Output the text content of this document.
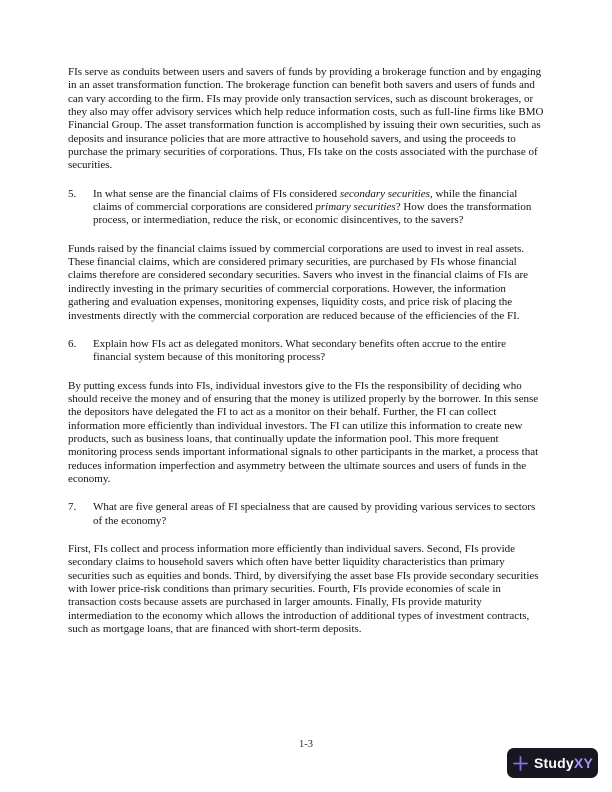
FIs serve as conduits between users and savers of funds by providing a brokerage function and by engaging in an asset transformation function. The brokerage function can benefit both savers and users of funds and can vary according to the firm. FIs may provide only transaction services, such as discount brokerages, or they also may offer advisory services which help reduce information costs, such as full-line firms like BMO Financial Group. The asset transformation function is accomplished by issuing their own securities, such as deposits and insurance policies that are more attractive to household savers, and using the proceeds to purchase the primary securities of corporations. Thus, FIs take on the costs associated with the purchase of securities.
5.	In what sense are the financial claims of FIs considered secondary securities, while the financial claims of commercial corporations are considered primary securities? How does the transformation process, or intermediation, reduce the risk, or economic disincentives, to the savers?
Funds raised by the financial claims issued by commercial corporations are used to invest in real assets. These financial claims, which are considered primary securities, are purchased by FIs whose financial claims therefore are considered secondary securities. Savers who invest in the financial claims of FIs are indirectly investing in the primary securities of commercial corporations. However, the information gathering and evaluation expenses, monitoring expenses, liquidity costs, and price risk of placing the investments directly with the commercial corporation are reduced because of the efficiencies of the FI.
6.	Explain how FIs act as delegated monitors. What secondary benefits often accrue to the entire financial system because of this monitoring process?
By putting excess funds into FIs, individual investors give to the FIs the responsibility of deciding who should receive the money and of ensuring that the money is utilized properly by the borrower. In this sense the depositors have delegated the FI to act as a monitor on their behalf. Further, the FI can collect information more efficiently than individual investors. The FI can utilize this information to create new products, such as business loans, that continually update the information pool. This more frequent monitoring process sends important informational signals to other participants in the market, a process that reduces information imperfection and asymmetry between the ultimate sources and users of funds in the economy.
7.	What are five general areas of FI specialness that are caused by providing various services to sectors of the economy?
First, FIs collect and process information more efficiently than individual savers. Second, FIs provide secondary claims to household savers which often have better liquidity characteristics than primary securities such as equities and bonds. Third, by diversifying the asset base FIs provide secondary securities with lower price-risk conditions than primary securities. Fourth, FIs provide economies of scale in transaction costs because assets are purchased in larger amounts. Finally, FIs provide maturity intermediation to the economy which allows the introduction of additional types of investment contracts, such as mortgage loans, that are financed with short-term deposits.
1-3
StudyXY
